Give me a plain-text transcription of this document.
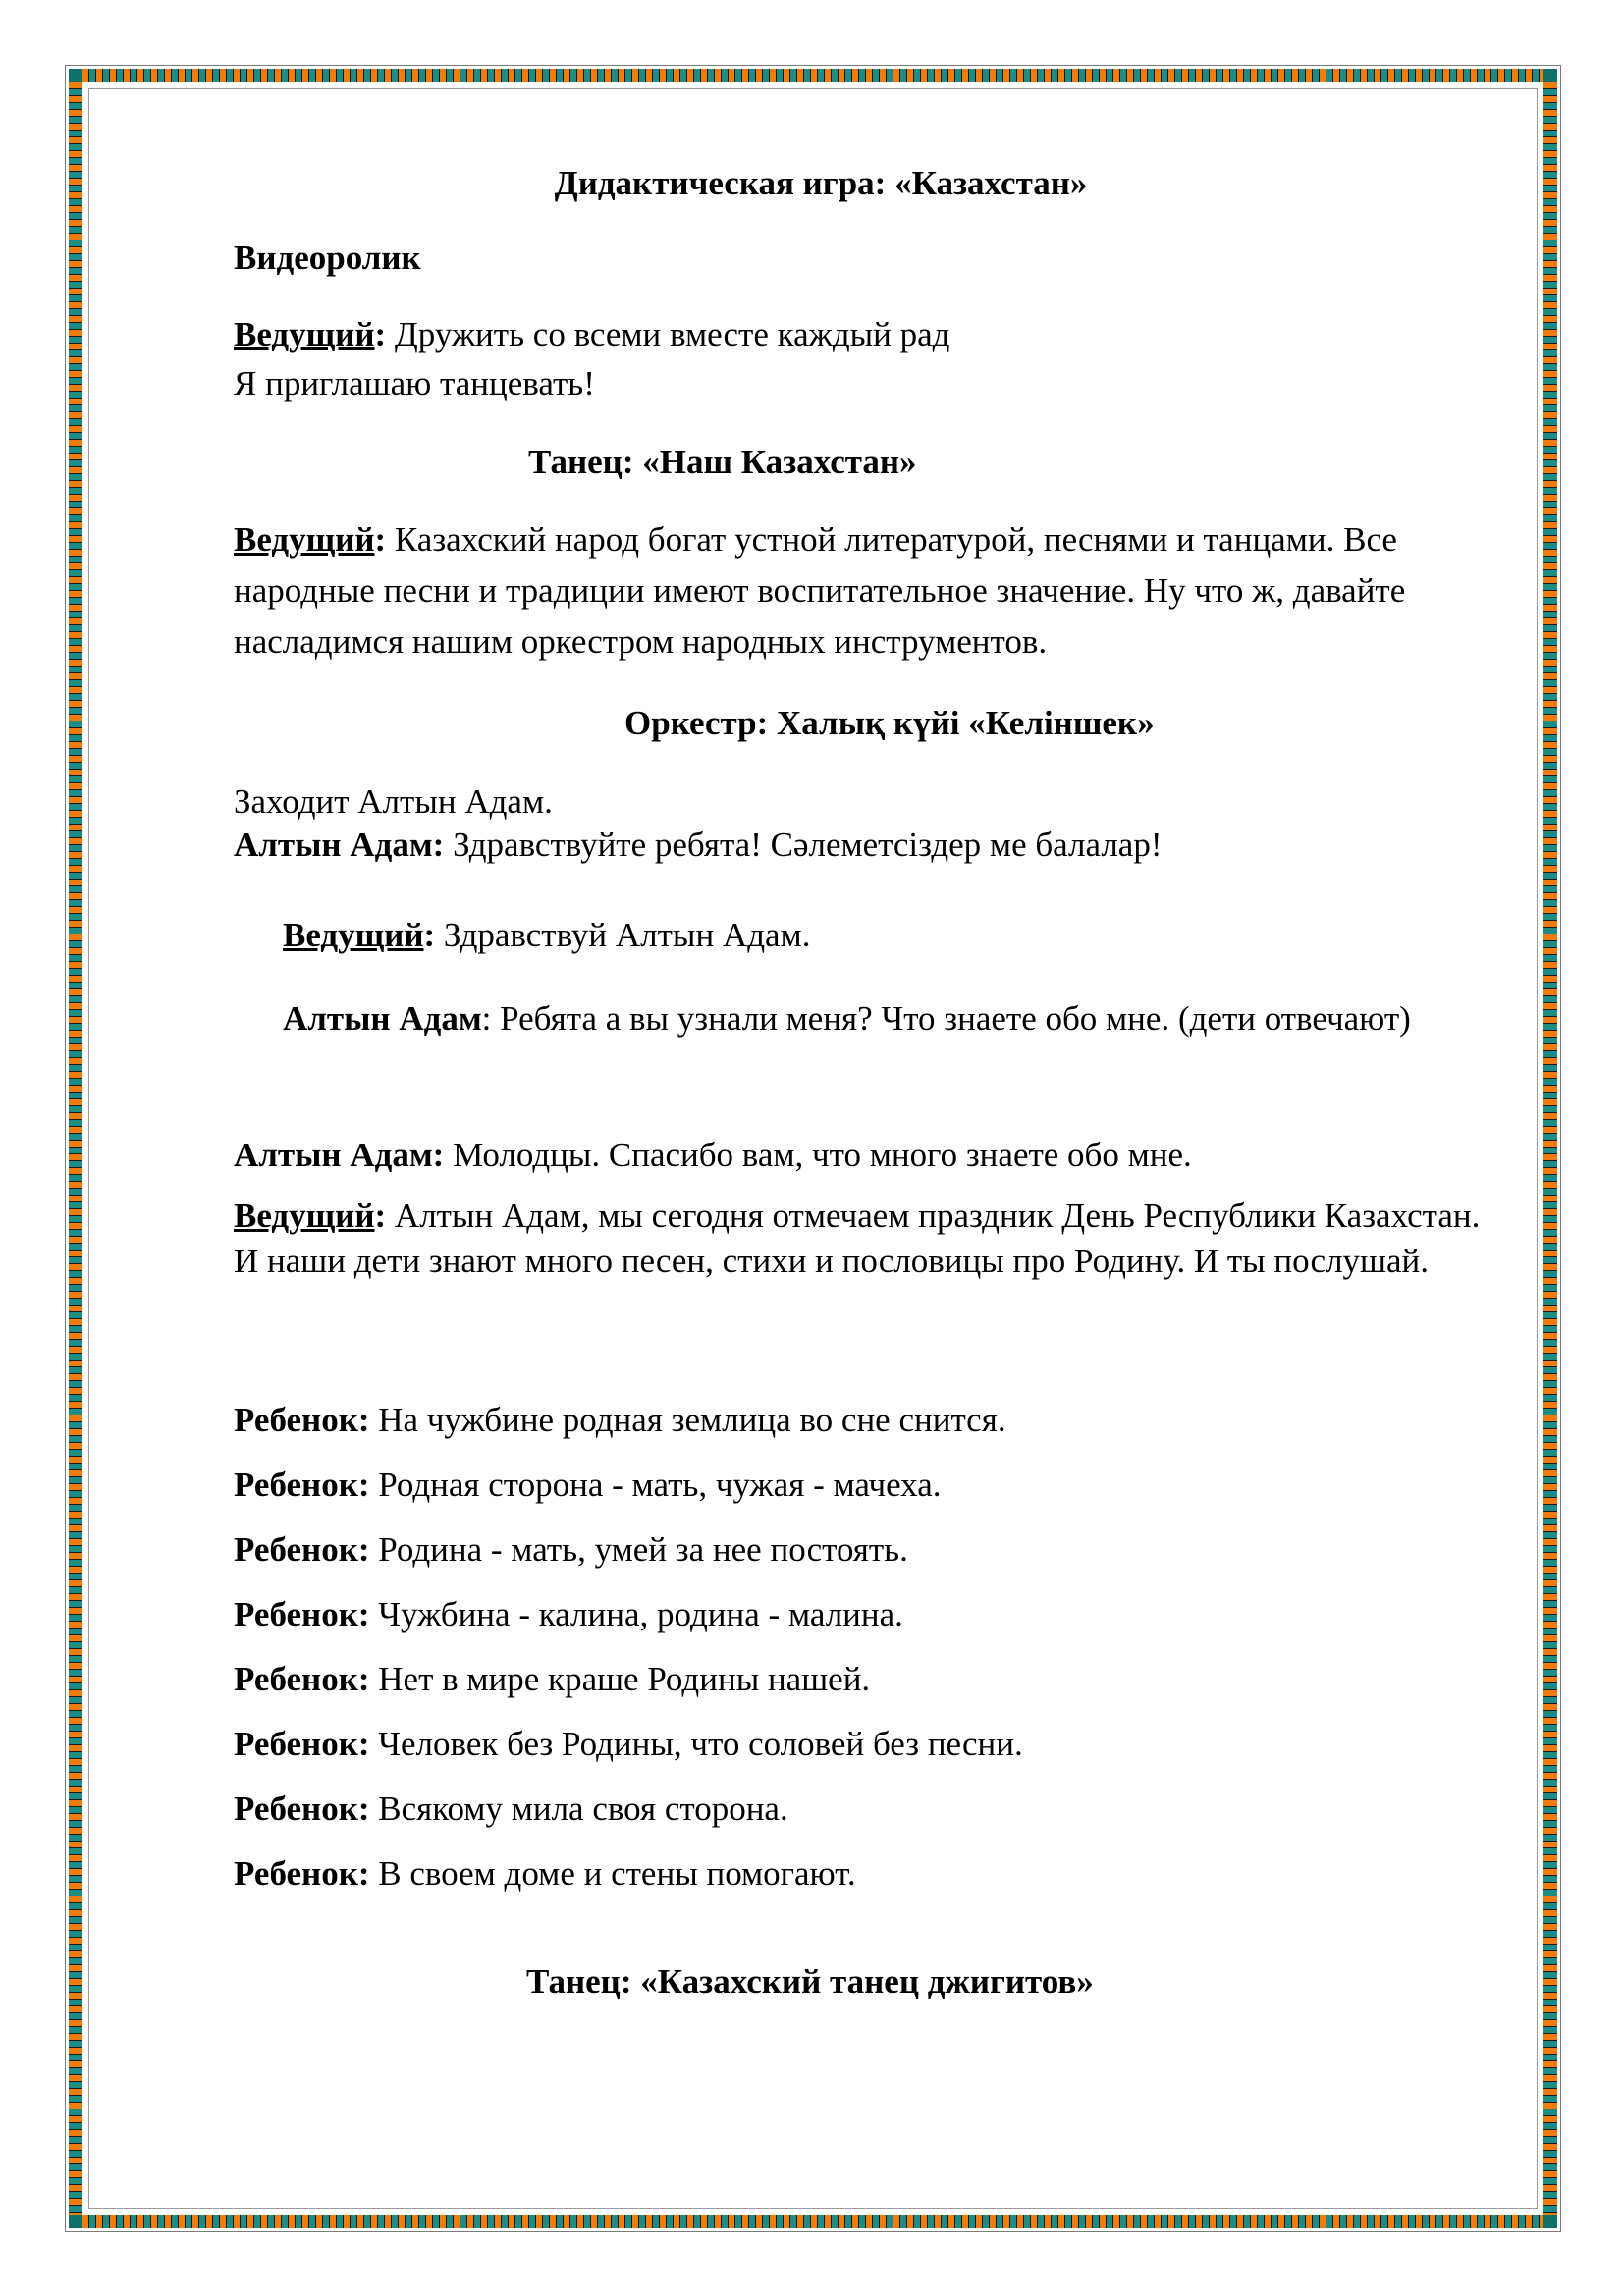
Дидактическая игра: «Казахстан»

Видеоролик

Ведущий: Дружить со всеми вместе каждый рад

Я приглашаю танцевать!

Танец: «Наш Казахстан»

Ведущий: Казахский народ богат устной литературой, песнями и танцами. Все народные песни и традиции имеют воспитательное значение. Ну что ж, давайте насладимся нашим оркестром народных инструментов.

Оркестр: Халық күйі «Келіншек»

Заходит Алтын Адам.

Алтын Адам: Здравствуйте ребята! Сәлеметсіздер ме балалар!

Ведущий: Здравствуй Алтын Адам.

Алтын Адам: Ребята а вы узнали меня? Что знаете обо мне. (дети отвечают)

Алтын Адам: Молодцы. Спасибо вам, что много знаете обо мне.

Ведущий: Алтын Адам, мы сегодня отмечаем праздник День Республики Казахстан. И наши дети знают много песен, стихи и пословицы про Родину. И ты послушай.

Ребенок: На чужбине родная землица во сне снится.

Ребенок: Родная сторона - мать, чужая - мачеха.

Ребенок: Родина - мать, умей за нее постоять.

Ребенок: Чужбина - калина, родина - малина.

Ребенок: Нет в мире краше Родины нашей.

Ребенок: Человек без Родины, что соловей без песни.

Ребенок: Всякому мила своя сторона.

Ребенок: В своем доме и стены помогают.

Танец: «Казахский танец джигитов»
